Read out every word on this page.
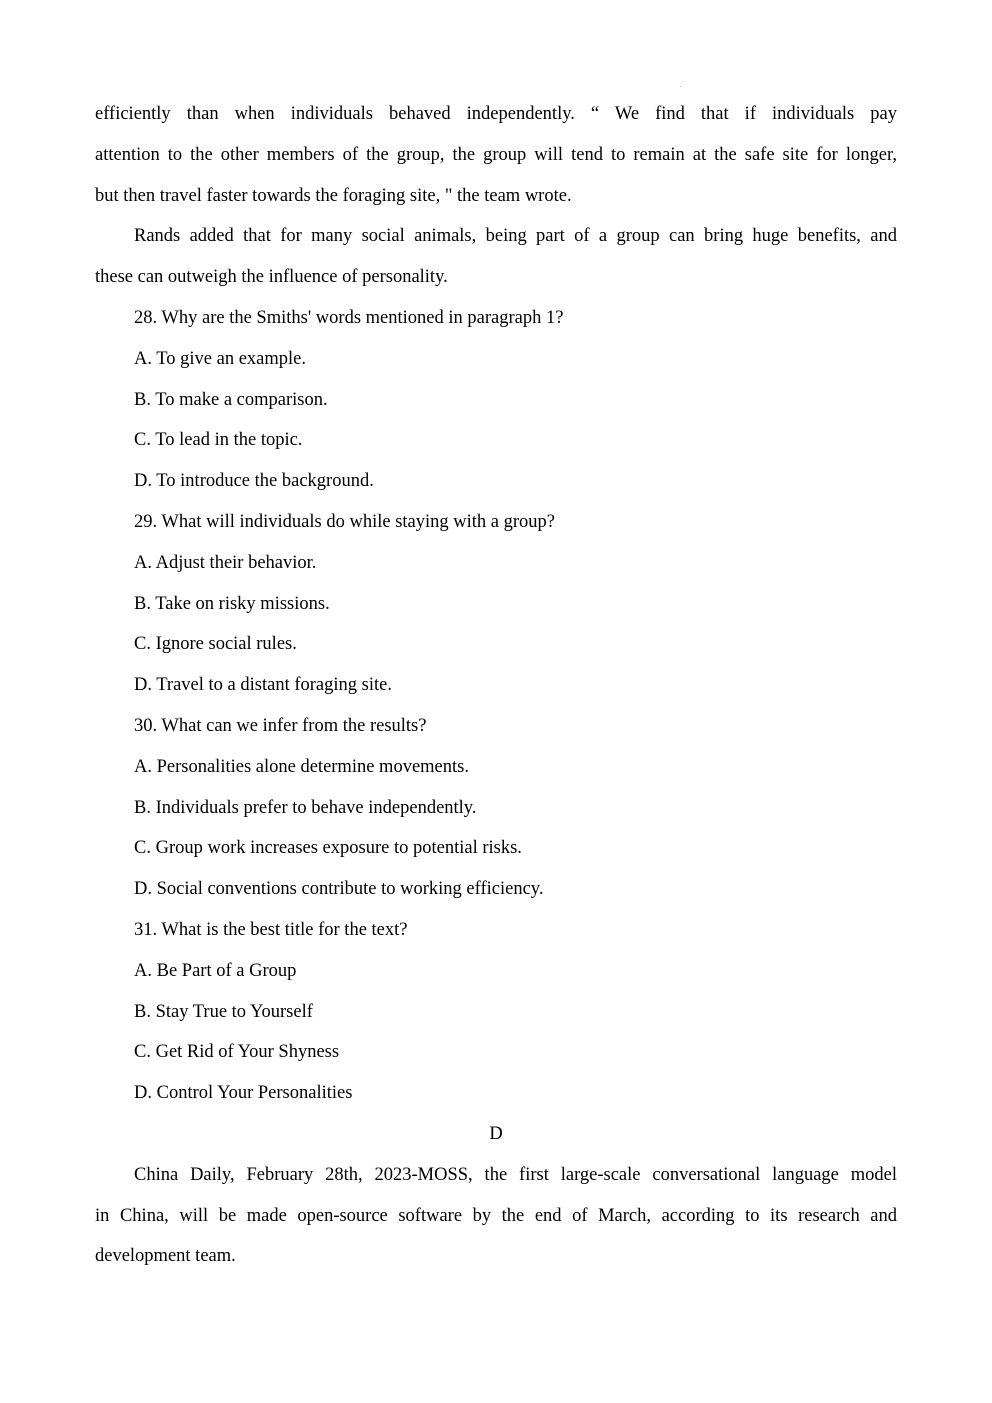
efficiently than when individuals behaved independently. “ We find that if individuals pay
attention to the other members of the group, the group will tend to remain at the safe site for longer,
but then travel faster towards the foraging site, " the team wrote.
Rands added that for many social animals, being part of a group can bring huge benefits, and
these can outweigh the influence of personality.
28. Why are the Smiths' words mentioned in paragraph 1?
A. To give an example.
B. To make a comparison.
C. To lead in the topic.
D. To introduce the background.
29. What will individuals do while staying with a group?
A. Adjust their behavior.
B. Take on risky missions.
C. Ignore social rules.
D. Travel to a distant foraging site.
30. What can we infer from the results?
A. Personalities alone determine movements.
B. Individuals prefer to behave independently.
C. Group work increases exposure to potential risks.
D. Social conventions contribute to working efficiency.
31. What is the best title for the text?
A. Be Part of a Group
B. Stay True to Yourself
C. Get Rid of Your Shyness
D. Control Your Personalities
D
China Daily, February 28th, 2023-MOSS, the first large-scale conversational language model
in China, will be made open-source software by the end of March, according to its research and
development team.
